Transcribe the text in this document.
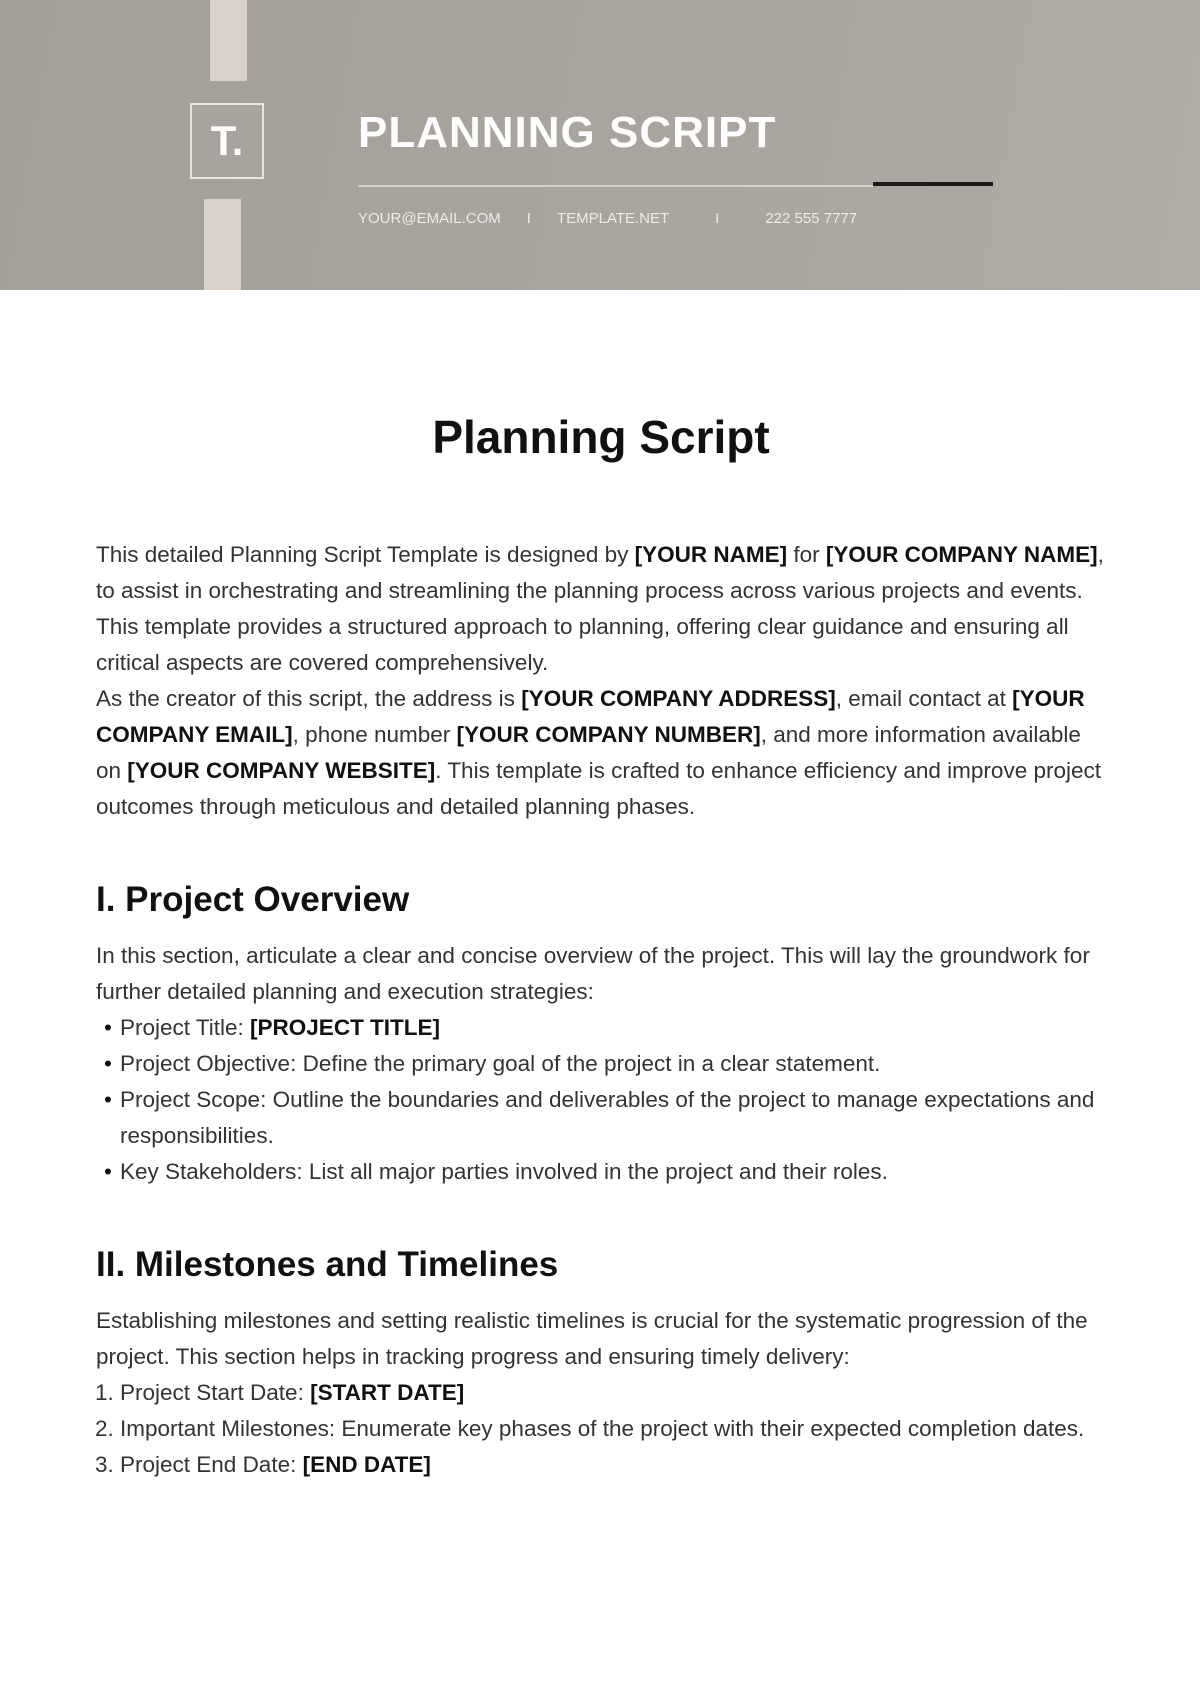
T.	PLANNING SCRIPT
YOUR@EMAIL.COM I TEMPLATE.NET	I	222 555 7777
Planning Script

This detailed Planning Script Template is designed by [YOUR NAME] for [YOUR COMPANY NAME], to assist in orchestrating and streamlining the planning process across various projects and events. This template provides a structured approach to planning, offering clear guidance and ensuring all critical aspects are covered comprehensively.

As the creator of this script, the address is [YOUR COMPANY ADDRESS], email contact at [YOUR COMPANY EMAIL], phone number [YOUR COMPANY NUMBER], and more information available on [YOUR COMPANY WEBSITE]. This template is crafted to enhance efficiency and improve project outcomes through meticulous and detailed planning phases.

I. Project Overview

In this section, articulate a clear and concise overview of the project. This will lay the groundwork for further detailed planning and execution strategies:

• Project Title: [PROJECT TITLE]
• Project Objective: Define the primary goal of the project in a clear statement.
• Project Scope: Outline the boundaries and deliverables of the project to manage expectations and responsibilities.
• Key Stakeholders: List all major parties involved in the project and their roles.
II. Milestones and Timelines

Establishing milestones and setting realistic timelines is crucial for the systematic progression of the project. This section helps in tracking progress and ensuring timely delivery:

1. Project Start Date: [START DATE]
2. Important Milestones: Enumerate key phases of the project with their expected completion dates.
3. Project End Date: [END DATE]
